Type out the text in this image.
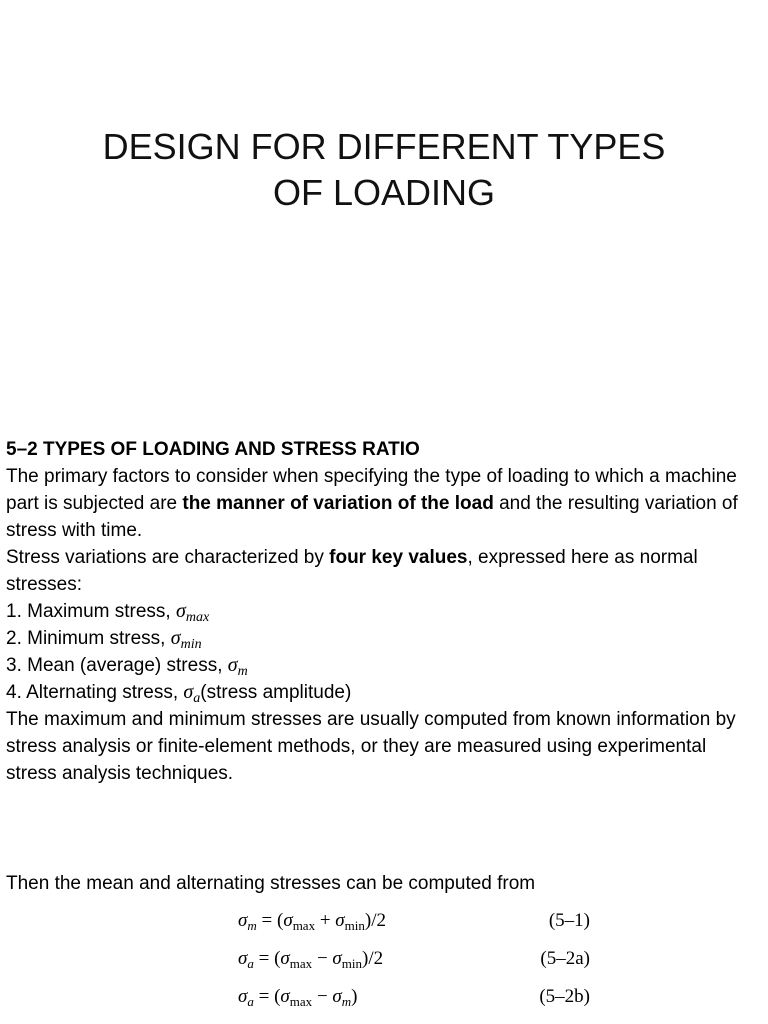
DESIGN FOR DIFFERENT TYPES
OF LOADING
5–2 TYPES OF LOADING AND STRESS RATIO
The primary factors to consider when specifying the type of loading to which a machine part is subjected are the manner of variation of the load and the resulting variation of stress with time.
Stress variations are characterized by four key values, expressed here as normal stresses:
1. Maximum stress, $\sigma_{max}$
2. Minimum stress, $\sigma_{min}$
3. Mean (average) stress, $\sigma_m$
4. Alternating stress, $\sigma_a(stress$ amplitude)
The maximum and minimum stresses are usually computed from known information by stress analysis or finite-element methods, or they are measured using experimental stress analysis techniques.
Then the mean and alternating stresses can be computed from
$\sigma_m = (\sigma_{max} + \sigma_{min})/2$	(5–1)
$\sigma_a = (\sigma_{max} - \sigma_{min})/2$	(5–2a)
$\sigma_a = (\sigma_{max} - \sigma_m)$	(5–2b)
